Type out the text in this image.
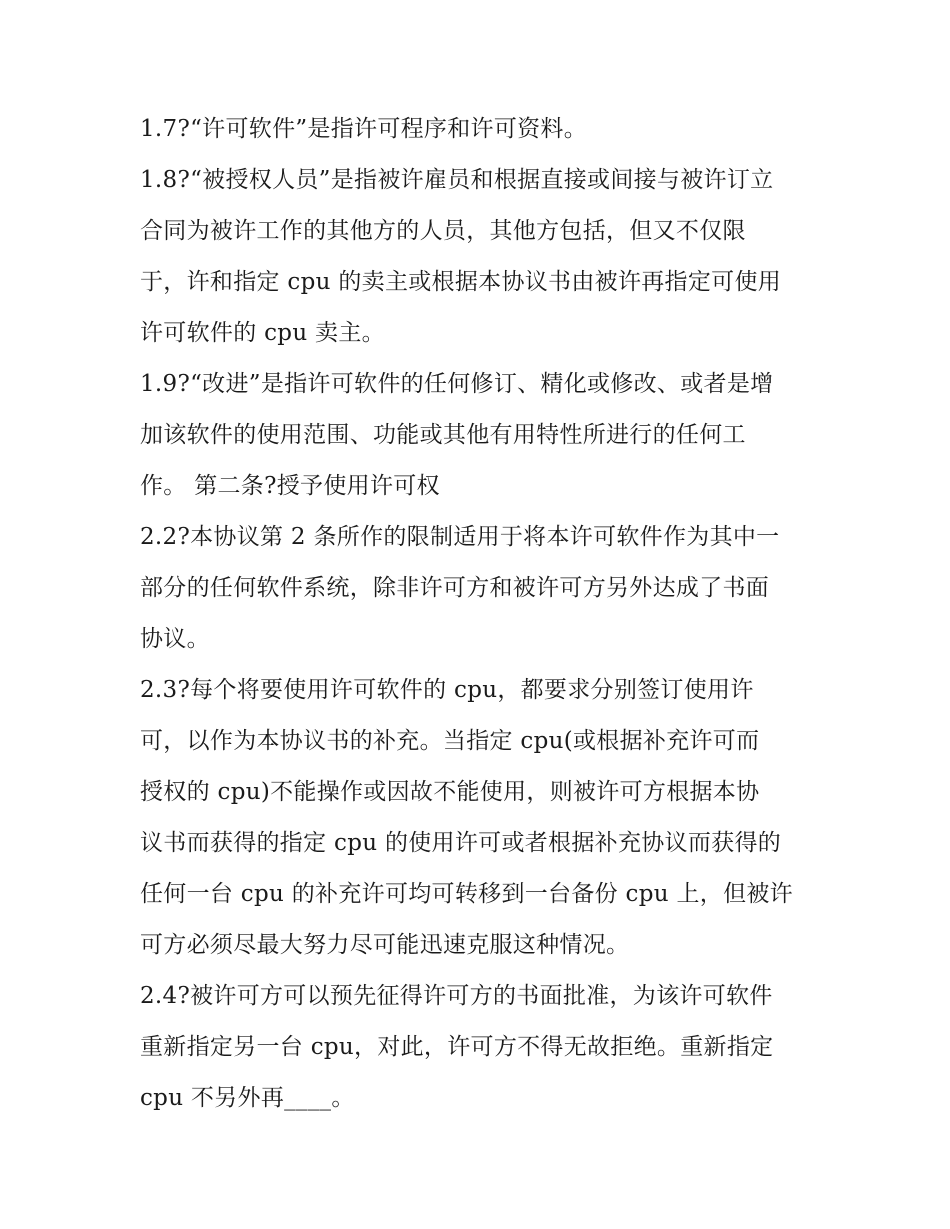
1.7?“许可软件”是指许可程序和许可资料。

1.8?“被授权人员”是指被许雇员和根据直接或间接与被许订立
合同为被许工作的其他方的人员，其他方包括，但又不仅限
于，许和指定 cpu 的卖主或根据本协议书由被许再指定可使用
许可软件的 cpu 卖主。

1.9?“改进”是指许可软件的任何修订、精化或修改、或者是增
加该软件的使用范围、功能或其他有用特性所进行的任何工
作。 第二条?授予使用许可权

2.2?本协议第 2 条所作的限制适用于将本许可软件作为其中一
部分的任何软件系统，除非许可方和被许可方另外达成了书面
协议。

2.3?每个将要使用许可软件的 cpu，都要求分别签订使用许
可，以作为本协议书的补充。当指定 cpu(或根据补充许可而
授权的 cpu)不能操作或因故不能使用，则被许可方根据本协
议书而获得的指定 cpu 的使用许可或者根据补充协议而获得的
任何一台 cpu 的补充许可均可转移到一台备份 cpu 上，但被许
可方必须尽最大努力尽可能迅速克服这种情况。

2.4?被许可方可以预先征得许可方的书面批准，为该许可软件
重新指定另一台 cpu，对此，许可方不得无故拒绝。重新指定
cpu 不另外再____。
